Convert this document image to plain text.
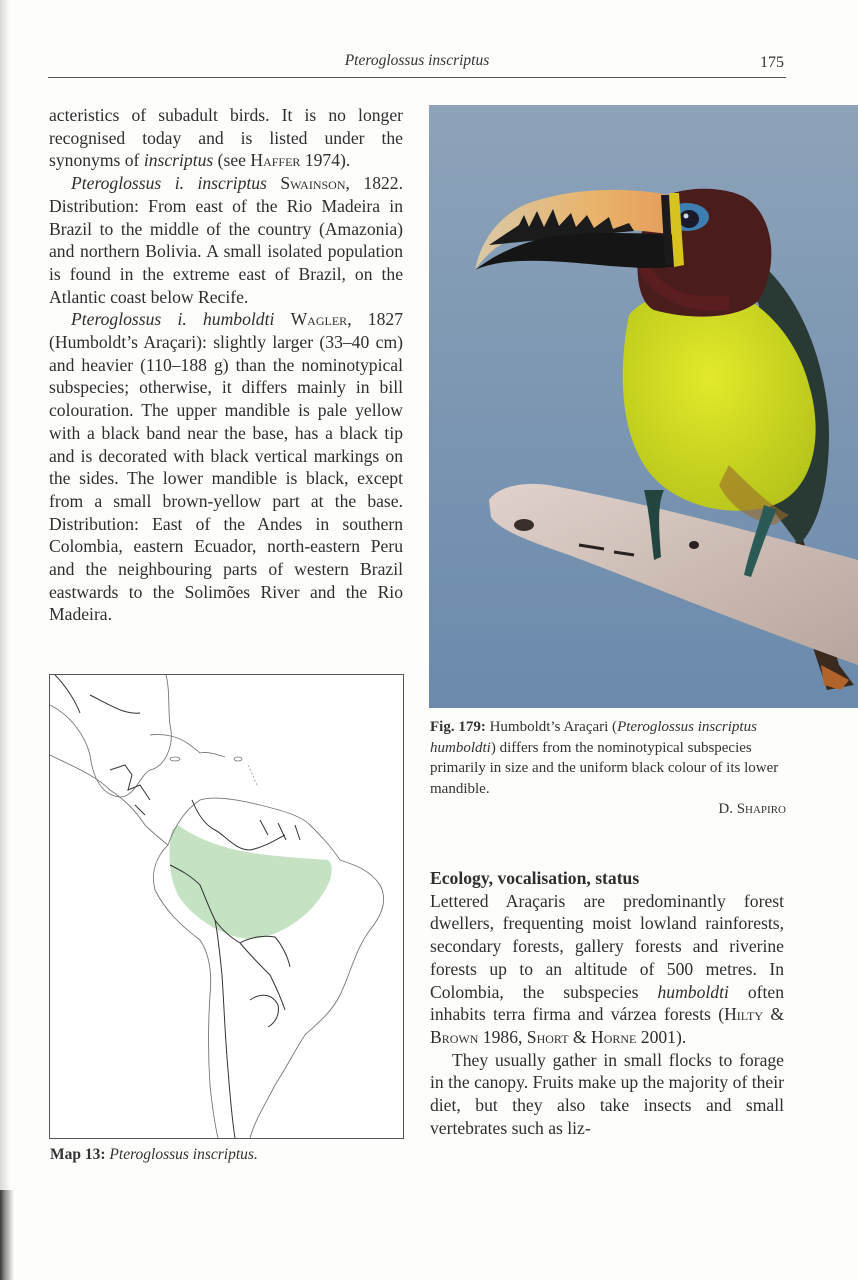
Pteroglossus inscriptus	175

acteristics of subadult birds. It is no longer recognised today and is listed under the synonyms of inscriptus (see Haffer 1974).

Pteroglossus i. inscriptus Swainson, 1822. Distribution: From east of the Rio Madeira in Brazil to the middle of the country (Amazonia) and northern Bolivia. A small isolated population is found in the extreme east of Brazil, on the Atlantic coast below Recife.

Pteroglossus i. humboldti Wagler, 1827 (Humboldt’s Araçari): slightly larger (33–40 cm) and heavier (110–188 g) than the nominotypical subspecies; otherwise, it differs mainly in bill colouration. The upper mandible is pale yellow with a black band near the base, has a black tip and is decorated with black vertical markings on the sides. The lower mandible is black, except from a small brown-yellow part at the base. Distribution: East of the Andes in southern Colombia, eastern Ecuador, north-eastern Peru and the neighbouring parts of western Brazil eastwards to the Solimões River and the Rio Madeira.

Fig. 179: Humboldt’s Araçari (Pteroglossus inscriptus humboldti) differs from the nominotypical subspecies primarily in size and the uniform black colour of its lower mandible.

D. Shapiro

Map 13: Pteroglossus inscriptus.

Ecology, vocalisation, status

Lettered Araçaris are predominantly forest dwellers, frequenting moist lowland rainforests, secondary forests, gallery forests and riverine forests up to an altitude of 500 metres. In Colombia, the subspecies humboldti often inhabits terra firma and várzea forests (Hilty & Brown 1986, Short & Horne 2001).

They usually gather in small flocks to forage in the canopy. Fruits make up the majority of their diet, but they also take insects and small vertebrates such as liz-
